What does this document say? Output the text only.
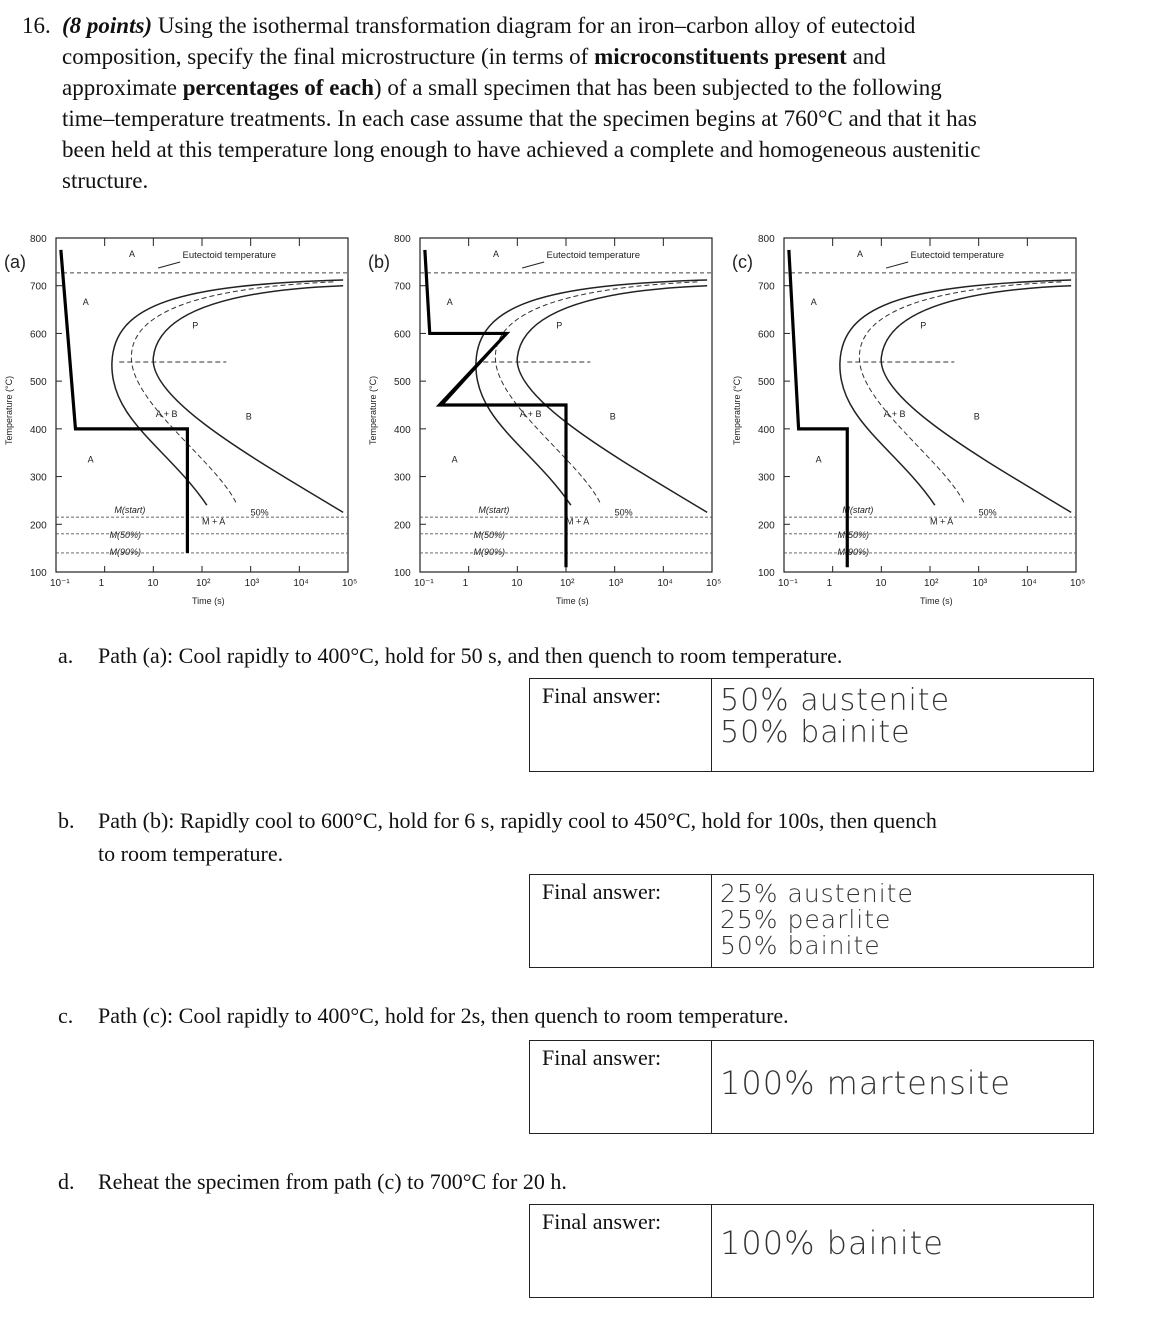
16. (8 points) Using the isothermal transformation diagram for an iron–carbon alloy of eutectoid
composition, specify the final microstructure (in terms of microconstituents present and
approximate percentages of each) of a small specimen that has been subjected to the following
time–temperature treatments. In each case assume that the specimen begins at 760°C and that it has
been held at this temperature long enough to have achieved a complete and homogeneous austenitic
structure.
(a)
Temperature (°C)
800
700
600
500
400
300
200
100
10⁻¹	1	10	10²	10³	10⁴	10⁵
Time (s)
Eutectoid temperature
M(start)
M(50%)
M(90%)
A
A
A
P
B
A + B
M + A
50%
(b)
Temperature (°C)
800
700
600
500
400
300
200
100
10⁻¹	1	10	10²	10³	10⁴	10⁵
Time (s)
Eutectoid temperature
M(start)
M(50%)
M(90%)
A
A
A
P
B
A + B
M + A
50%
(c)
Temperature (°C)
800
700
600
500
400
300
200
100
10⁻¹	1	10	10²	10³	10⁴	10⁵
Time (s)
Eutectoid temperature
M(start)
M(50%)
M(90%)
A
A
A
P
B
A + B
M + A
50%
a. Path (a): Cool rapidly to 400°C, hold for 50 s, and then quench to room temperature.
Final answer:	50% austenite
50% bainite
b. Path (b): Rapidly cool to 600°C, hold for 6 s, rapidly cool to 450°C, hold for 100s, then quench
to room temperature.
Final answer:	25% austenite
25% pearlite
50% bainite
c. Path (c): Cool rapidly to 400°C, hold for 2s, then quench to room temperature.
Final answer:
100% martensite
d. Reheat the specimen from path (c) to 700°C for 20 h.
Final answer:
100% bainite
